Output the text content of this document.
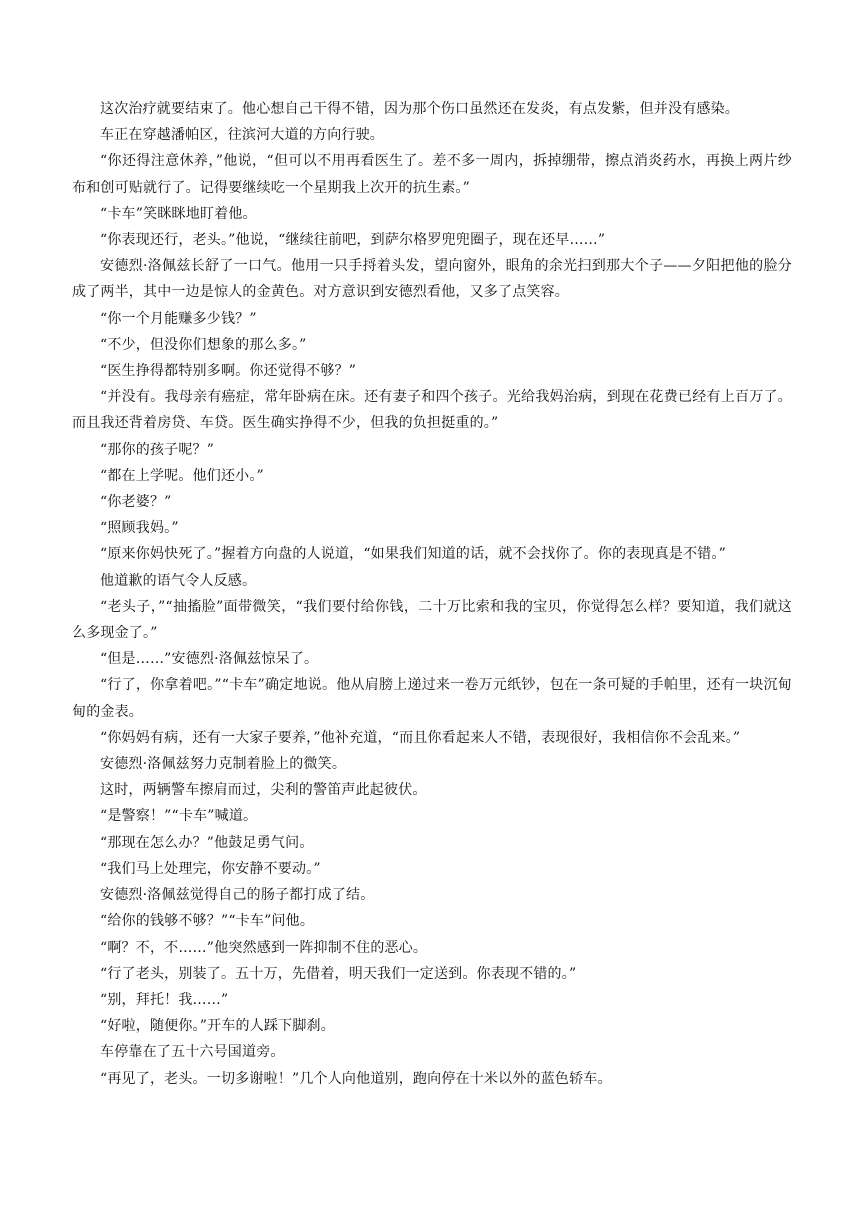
这次治疗就要结束了。他心想自己干得不错，因为那个伤口虽然还在发炎，有点发紫，但并没有感染。

车正在穿越潘帕区，往滨河大道的方向行驶。

“你还得注意休养，”他说，“但可以不用再看医生了。差不多一周内，拆掉绷带，擦点消炎药水，再换上两片纱布和创可贴就行了。记得要继续吃一个星期我上次开的抗生素。”

“卡车”笑眯眯地盯着他。

“你表现还行，老头。”他说，“继续往前吧，到萨尔格罗兜兜圈子，现在还早……”

安德烈·洛佩兹长舒了一口气。他用一只手捋着头发，望向窗外，眼角的余光扫到那大个子——夕阳把他的脸分成了两半，其中一边是惊人的金黄色。对方意识到安德烈看他，又多了点笑容。

“你一个月能赚多少钱？”

“不少，但没你们想象的那么多。”

“医生挣得都特别多啊。你还觉得不够？”

“并没有。我母亲有癌症，常年卧病在床。还有妻子和四个孩子。光给我妈治病，到现在花费已经有上百万了。而且我还背着房贷、车贷。医生确实挣得不少，但我的负担挺重的。”

“那你的孩子呢？”

“都在上学呢。他们还小。”

“你老婆？”

“照顾我妈。”

“原来你妈快死了。”握着方向盘的人说道，“如果我们知道的话，就不会找你了。你的表现真是不错。”

他道歉的语气令人反感。

“老头子，”“抽搐脸”面带微笑，“我们要付给你钱，二十万比索和我的宝贝，你觉得怎么样？要知道，我们就这么多现金了。”

“但是……”安德烈·洛佩兹惊呆了。

“行了，你拿着吧。”“卡车”确定地说。他从肩膀上递过来一卷万元纸钞，包在一条可疑的手帕里，还有一块沉甸甸的金表。

“你妈妈有病，还有一大家子要养，”他补充道，“而且你看起来人不错，表现很好，我相信你不会乱来。”

安德烈·洛佩兹努力克制着脸上的微笑。

这时，两辆警车擦肩而过，尖利的警笛声此起彼伏。

“是警察！”“卡车”喊道。

“那现在怎么办？”他鼓足勇气问。

“我们马上处理完，你安静不要动。”

安德烈·洛佩兹觉得自己的肠子都打成了结。

“给你的钱够不够？”“卡车”问他。

“啊？不，不……”他突然感到一阵抑制不住的恶心。

“行了老头，别装了。五十万，先借着，明天我们一定送到。你表现不错的。”

“别，拜托！我……”

“好啦，随便你。”开车的人踩下脚刹。

车停靠在了五十六号国道旁。

“再见了，老头。一切多谢啦！”几个人向他道别，跑向停在十米以外的蓝色轿车。
